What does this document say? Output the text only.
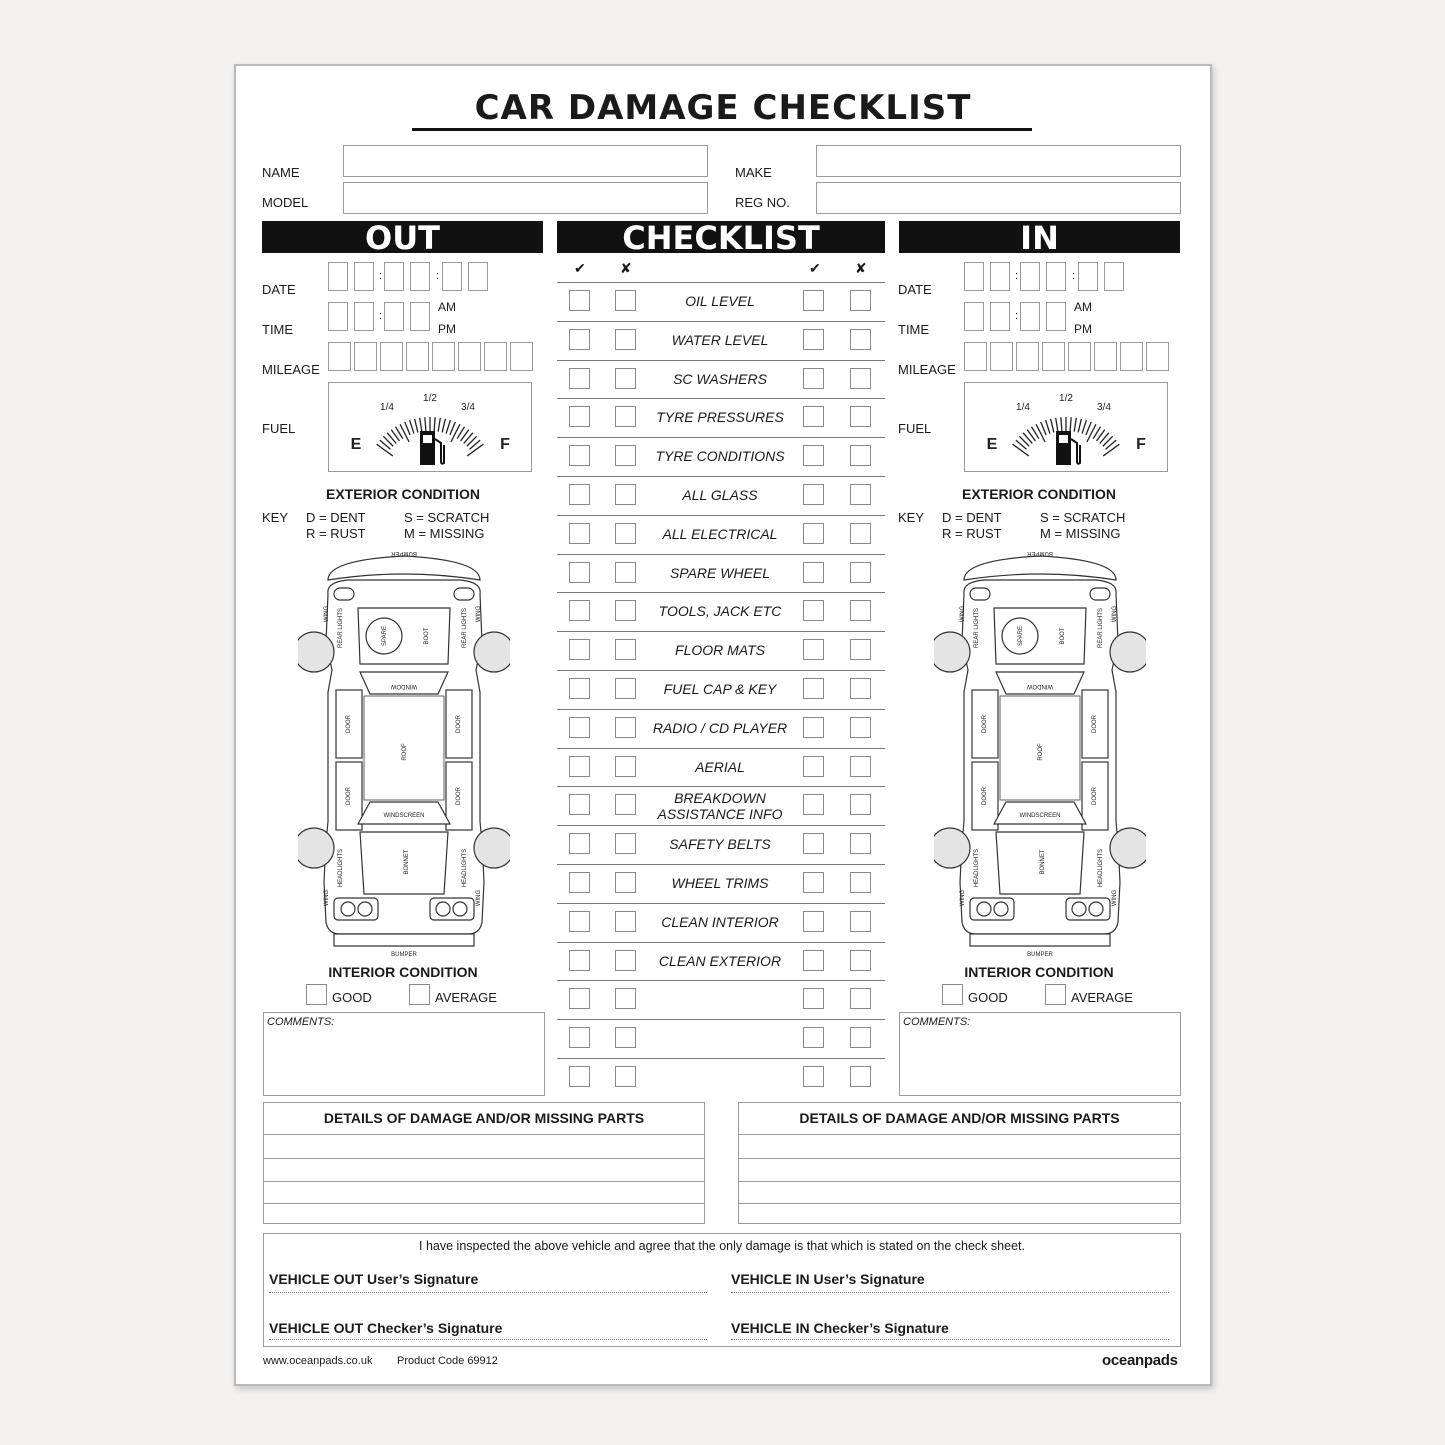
CAR DAMAGE CHECKLIST
NAME
MODEL
MAKE
REG NO.
OUT	CHECKLIST	IN
DATE
:	:
TIME
:
AM
PM
MILEAGE
FUEL
E	F
1/4
1/2
3/4
EXTERIOR CONDITION
KEY D = DENT
R = RUST
S = SCRATCH
M = MISSING
BUMPER
REAR LIGHTS	REAR LIGHTS
WING	WING
SPARE	BOOT
WINDOW
DOOR	DOOR
DOOR	DOOR
ROOF
WINDSCREEN
BONNET
HEADLIGHTS	HEADLIGHTS
WING	WING
BUMPER
INTERIOR CONDITION
GOOD	AVERAGE
COMMENTS:
DATE
:	:
TIME
:
AM
PM
MILEAGE
FUEL
E	F
1/4
1/2
3/4
EXTERIOR CONDITION
KEY D = DENT
R = RUST
S = SCRATCH
M = MISSING
BUMPER
REAR LIGHTS	REAR LIGHTS
WING	WING
SPARE	BOOT
WINDOW
DOOR	DOOR
DOOR	DOOR
ROOF
WINDSCREEN
BONNET
HEADLIGHTS	HEADLIGHTS
WING	WING
BUMPER
INTERIOR CONDITION
GOOD	AVERAGE
COMMENTS:
✔ ✘	✔ ✘
OIL LEVEL
WATER LEVEL
SC WASHERS
TYRE PRESSURES
TYRE CONDITIONS
ALL GLASS
ALL ELECTRICAL
SPARE WHEEL
TOOLS, JACK ETC
FLOOR MATS
FUEL CAP & KEY
RADIO / CD PLAYER
AERIAL
BREAKDOWN ASSISTANCE INFO
SAFETY BELTS
WHEEL TRIMS
CLEAN INTERIOR
CLEAN EXTERIOR
DETAILS OF DAMAGE AND/OR MISSING PARTS	DETAILS OF DAMAGE AND/OR MISSING PARTS
I have inspected the above vehicle and agree that the only damage is that which is stated on the check sheet.
VEHICLE OUT User’s Signature	VEHICLE IN User’s Signature
VEHICLE OUT Checker’s Signature	VEHICLE IN Checker’s Signature
www.oceanpads.co.uk Product Code 69912	oceanpads
